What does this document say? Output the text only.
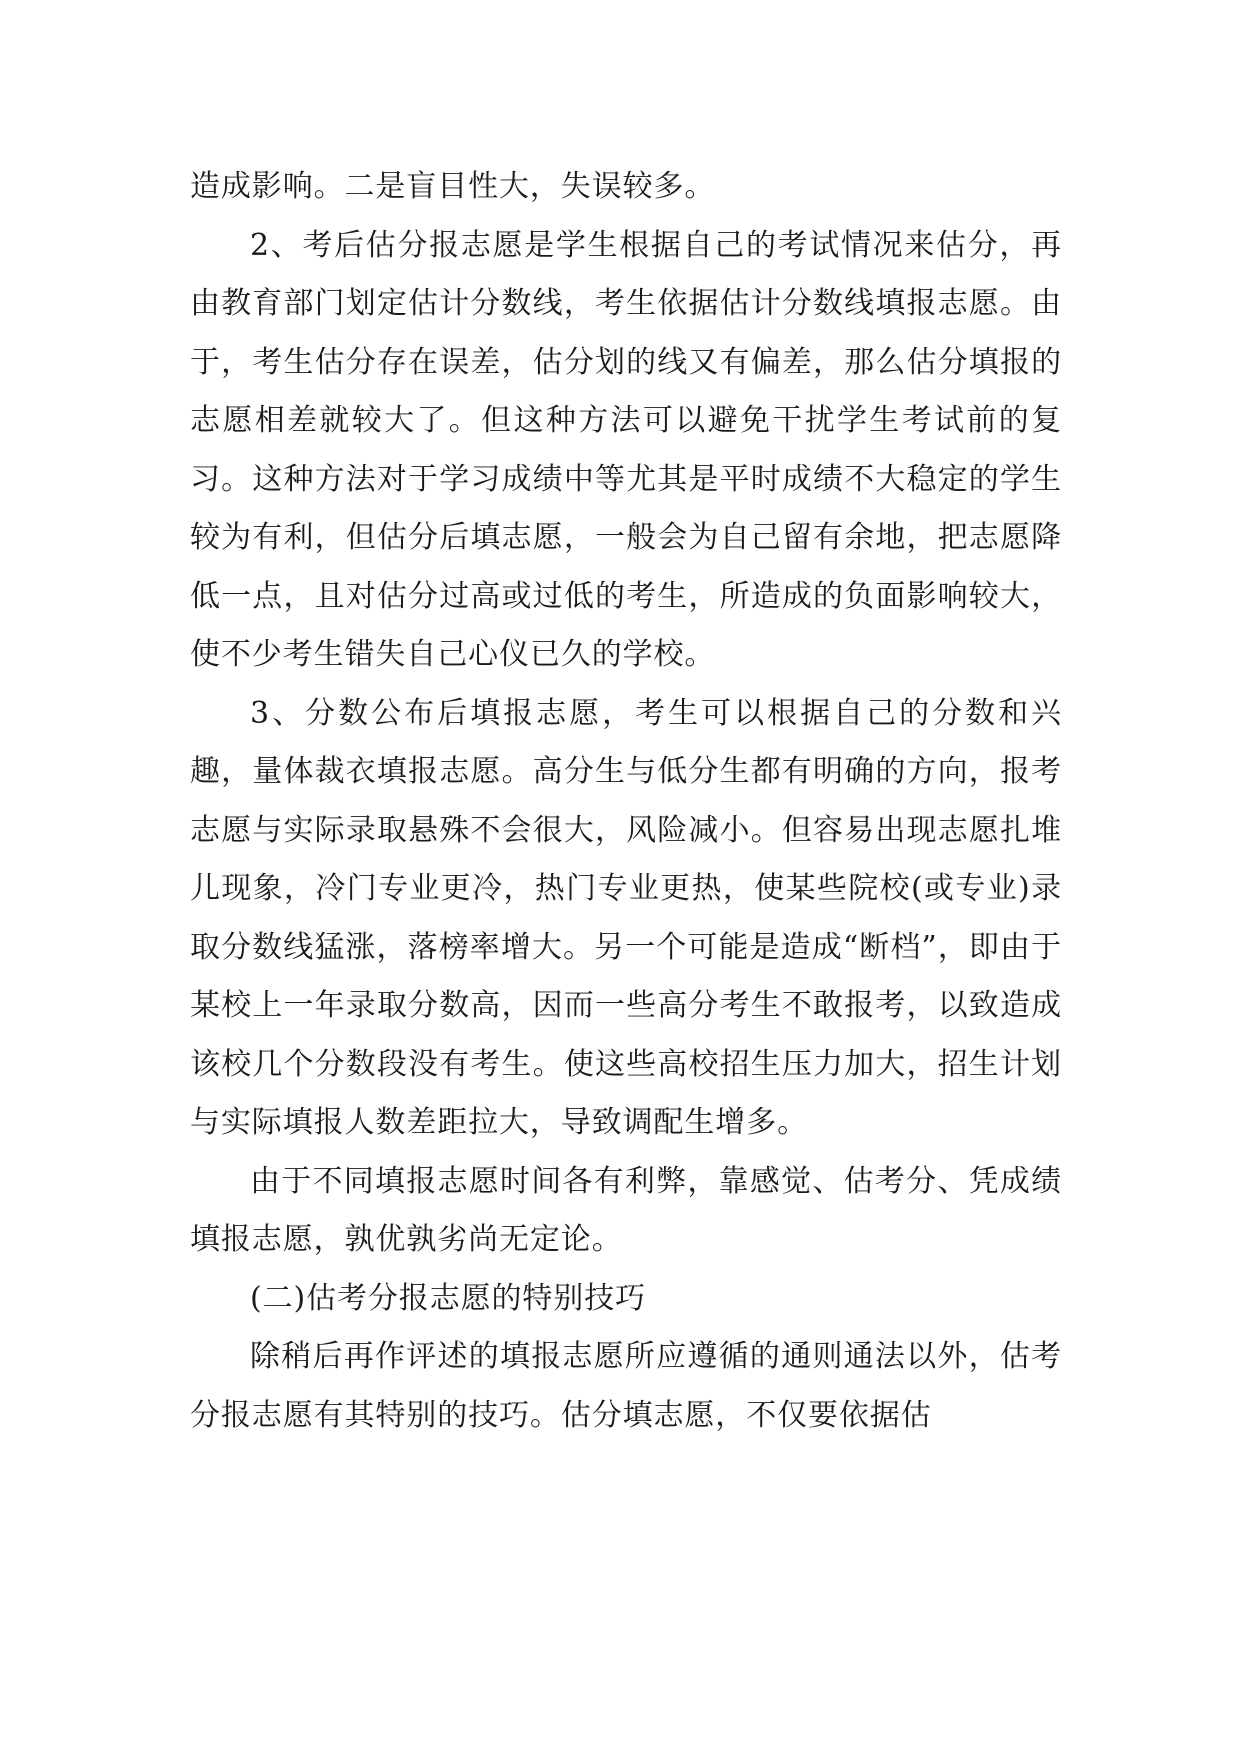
造成影响。二是盲目性大，失误较多。

2、考后估分报志愿是学生根据自己的考试情况来估分，再由教育部门划定估计分数线，考生依据估计分数线填报志愿。由于，考生估分存在误差，估分划的线又有偏差，那么估分填报的志愿相差就较大了。但这种方法可以避免干扰学生考试前的复习。这种方法对于学习成绩中等尤其是平时成绩不大稳定的学生较为有利，但估分后填志愿，一般会为自己留有余地，把志愿降低一点，且对估分过高或过低的考生，所造成的负面影响较大，使不少考生错失自己心仪已久的学校。

3、分数公布后填报志愿，考生可以根据自己的分数和兴趣，量体裁衣填报志愿。高分生与低分生都有明确的方向，报考志愿与实际录取悬殊不会很大，风险减小。但容易出现志愿扎堆儿现象，冷门专业更冷，热门专业更热，使某些院校(或专业)录取分数线猛涨，落榜率增大。另一个可能是造成“断档”，即由于某校上一年录取分数高，因而一些高分考生不敢报考，以致造成该校几个分数段没有考生。使这些高校招生压力加大，招生计划与实际填报人数差距拉大，导致调配生增多。

由于不同填报志愿时间各有利弊，靠感觉、估考分、凭成绩填报志愿，孰优孰劣尚无定论。

(二)估考分报志愿的特别技巧

除稍后再作评述的填报志愿所应遵循的通则通法以外，估考分报志愿有其特别的技巧。估分填志愿，不仅要依据估
